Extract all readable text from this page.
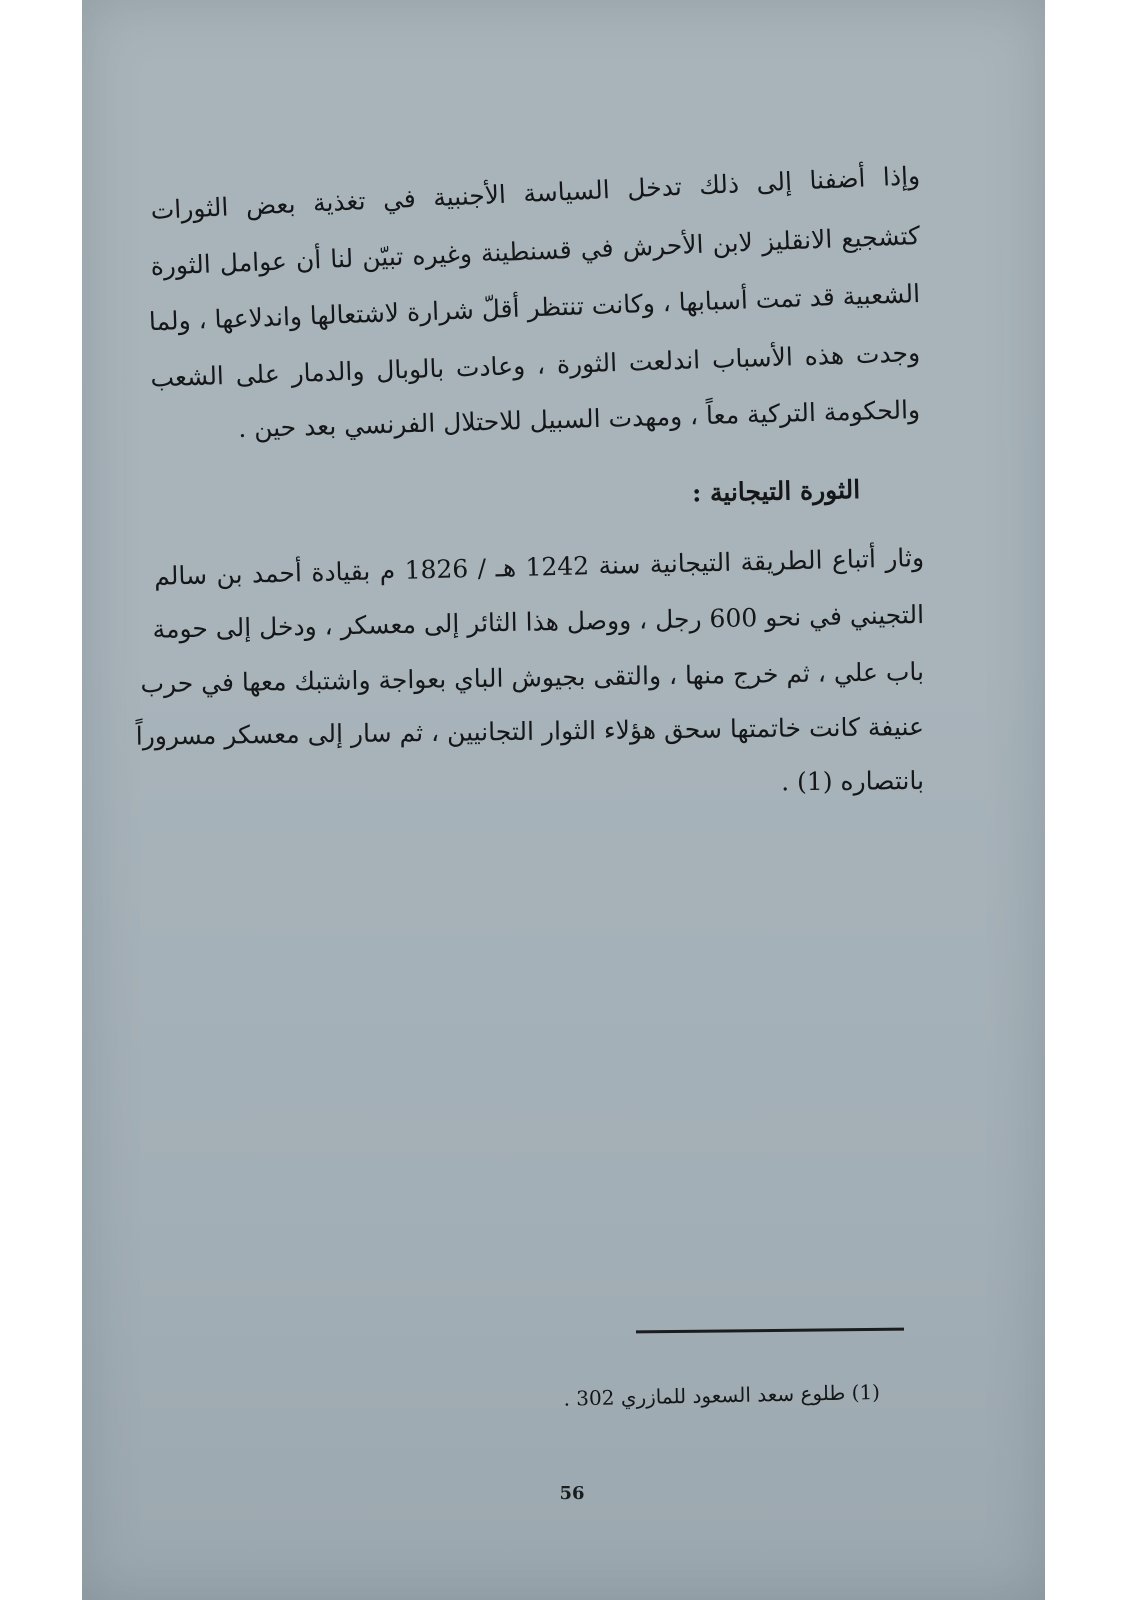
وإذا أضفنا إلى ذلك تدخل السياسة الأجنبية في تغذية بعض الثورات
كتشجيع الانقليز لابن الأحرش في قسنطينة وغيره تبيّن لنا أن عوامل الثورة
الشعبية قد تمت أسبابها ، وكانت تنتظر أقلّ شرارة لاشتعالها واندلاعها ، ولما
وجدت هذه الأسباب اندلعت الثورة ، وعادت بالوبال والدمار على الشعب
والحكومة التركية معاً ، ومهدت السبيل للاحتلال الفرنسي بعد حين .
الثورة التيجانية :
وثار أتباع الطريقة التيجانية سنة 1242 هـ / 1826 م بقيادة أحمد بن سالم
التجيني في نحو 600 رجل ، ووصل هذا الثائر إلى معسكر ، ودخل إلى حومة
باب علي ، ثم خرج منها ، والتقى بجيوش الباي بعواجة واشتبك معها في حرب
عنيفة كانت خاتمتها سحق هؤلاء الثوار التجانيين ، ثم سار إلى معسكر مسروراً
بانتصاره (1) .
(1) طلوع سعد السعود للمازري 302 .
56
